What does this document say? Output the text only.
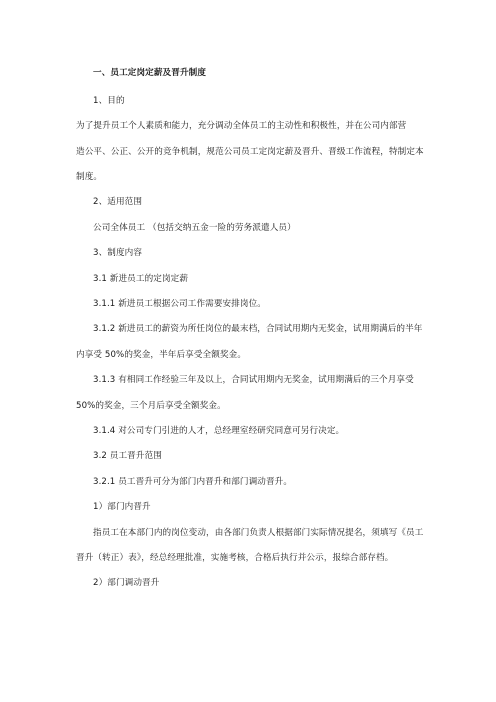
一、员工定岗定薪及晋升制度
1、目的
为了提升员工个人素质和能力，充分调动全体员工的主动性和积极性，并在公司内部营
造公平、公正、公开的竞争机制，规范公司员工定岗定薪及晋升、晋级工作流程，特制定本
制度。
2、适用范围
公司全体员工 （包括交纳五金一险的劳务派遣人员）
3、制度内容
3.1 新进员工的定岗定薪
3.1.1 新进员工根据公司工作需要安排岗位。
3.1.2 新进员工的薪资为所任岗位的最末档，合同试用期内无奖金，试用期满后的半年
内享受 50%的奖金，半年后享受全额奖金。
3.1.3 有相同工作经验三年及以上，合同试用期内无奖金，试用期满后的三个月享受
50%的奖金，三个月后享受全额奖金。
3.1.4 对公司专门引进的人才，总经理室经研究同意可另行决定。
3.2 员工晋升范围
3.2.1 员工晋升可分为部门内晋升和部门调动晋升。
1）部门内晋升
指员工在本部门内的岗位变动，由各部门负责人根据部门实际情况提名，须填写《员工
晋升（转正）表》，经总经理批准，实施考核，合格后执行并公示，报综合部存档。
2）部门调动晋升
